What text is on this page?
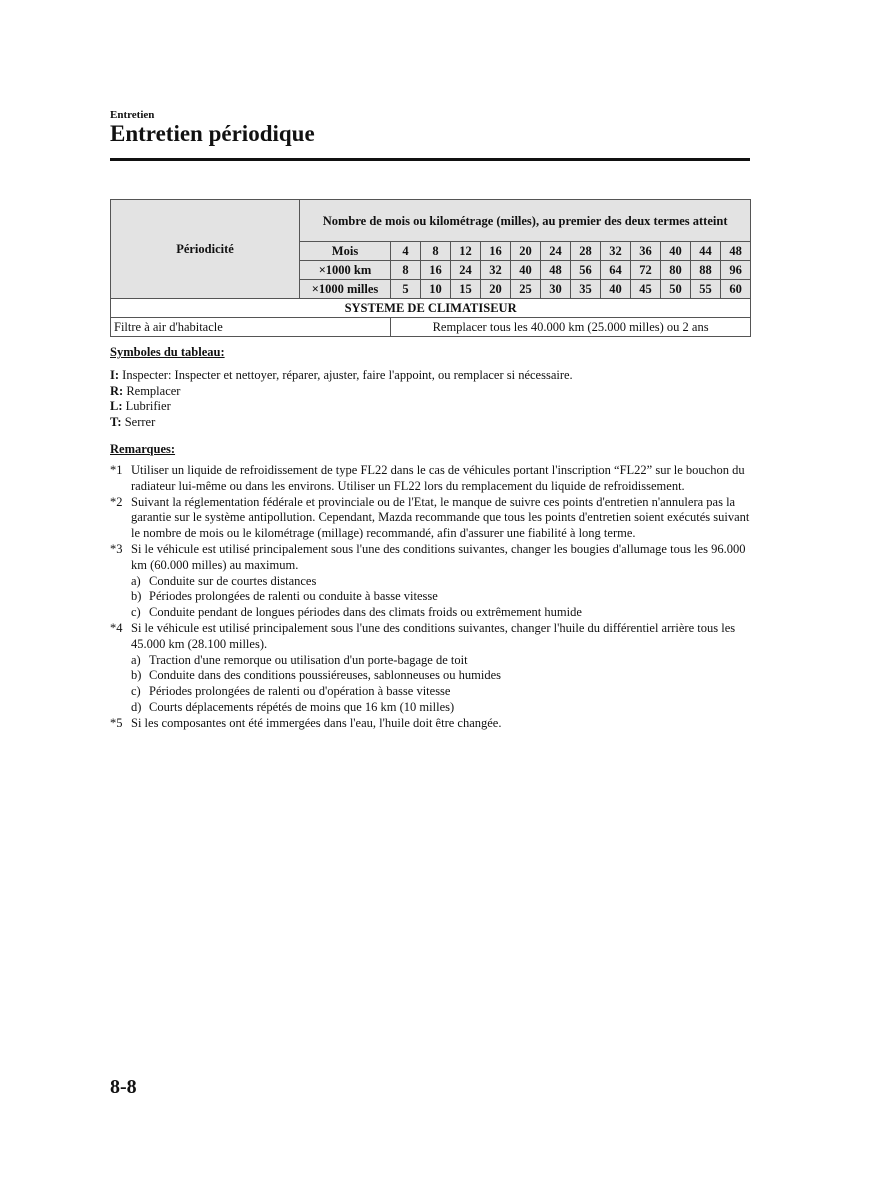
Entretien
Entretien périodique
Périodicité	Nombre de mois ou kilométrage (milles), au premier des deux termes atteint												
	Mois	4	8	12	16	20	24	28	32	36	40	44	48
	×1000 km	8	16	24	32	40	48	56	64	72	80	88	96
	×1000 milles	5	10	15	20	25	30	35	40	45	50	55	60
SYSTEME DE CLIMATISEUR													
Filtre à air d'habitacle		Remplacer tous les 40.000 km (25.000 milles) ou 2 ans											
Symboles du tableau:
I: Inspecter: Inspecter et nettoyer, réparer, ajuster, faire l'appoint, ou remplacer si nécessaire.
R: Remplacer
L: Lubrifier
T: Serrer
Remarques:
*1 Utiliser un liquide de refroidissement de type FL22 dans le cas de véhicules portant l'inscription “FL22” sur le bouchon du radiateur lui-même ou dans les environs. Utiliser un FL22 lors du remplacement du liquide de refroidissement.
*2 Suivant la réglementation fédérale et provinciale ou de l'Etat, le manque de suivre ces points d'entretien n'annulera pas la garantie sur le système antipollution. Cependant, Mazda recommande que tous les points d'entretien soient exécutés suivant le nombre de mois ou le kilométrage (millage) recommandé, afin d'assurer une fiabilité à long terme.
*3 Si le véhicule est utilisé principalement sous l'une des conditions suivantes, changer les bougies d'allumage tous les 96.000 km (60.000 milles) au maximum.
a) Conduite sur de courtes distances
b) Périodes prolongées de ralenti ou conduite à basse vitesse
c) Conduite pendant de longues périodes dans des climats froids ou extrêmement humide
*4 Si le véhicule est utilisé principalement sous l'une des conditions suivantes, changer l'huile du différentiel arrière tous les 45.000 km (28.100 milles).
a) Traction d'une remorque ou utilisation d'un porte-bagage de toit
b) Conduite dans des conditions poussiéreuses, sablonneuses ou humides
c) Périodes prolongées de ralenti ou d'opération à basse vitesse
d) Courts déplacements répétés de moins que 16 km (10 milles)
*5 Si les composantes ont été immergées dans l'eau, l'huile doit être changée.
8-8
